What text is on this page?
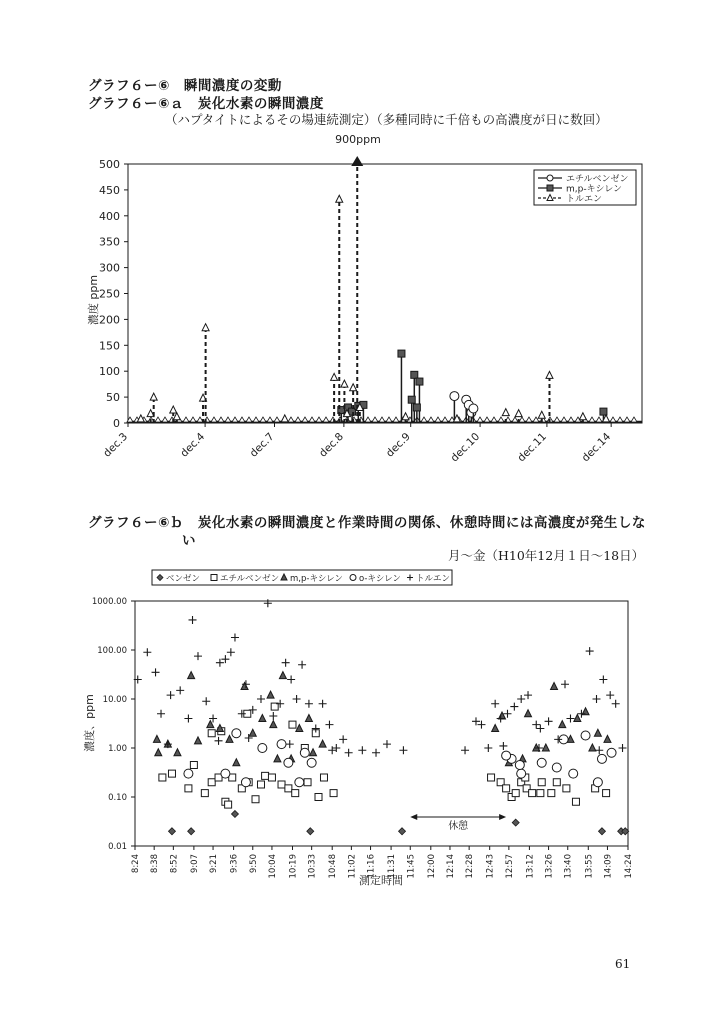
グラフ６ー⑥　瞬間濃度の変動
グラフ６ー⑥ａ　炭化水素の瞬間濃度
（ハプタイトによるその場連続測定）（多種同時に千倍もの高濃度が日に数回）
0
50
100
150
200
250
300
350
400
450
500
濃度 ppm
dec.3	dec.4	dec.7	dec.8	dec.9	dec.10	dec.11	dec.14
900ppm
エチルベンゼン
m,p-キシレン
トルエン
グラフ６ー⑥ｂ　炭化水素の瞬間濃度と作業時間の関係、休憩時間には高濃度が発生しな
い
月～金（H10年12月１日～18日）
0.01
0.10
1.00
10.00
100.00
1000.00
濃度、ppm
8:24 8:38 8:52 9:07 9:21 9:36 9:50 10:04 10:19 10:33 10:48 11:02 11:16 11:31 11:45 12:00 12:14 12:28 12:43 12:57 13:12 13:26 13:40 13:55 14:09 14:24
測定時間
休憩
ベンゼン エチルベンゼン m,p-キシレン o-キシレン トルエン
61
